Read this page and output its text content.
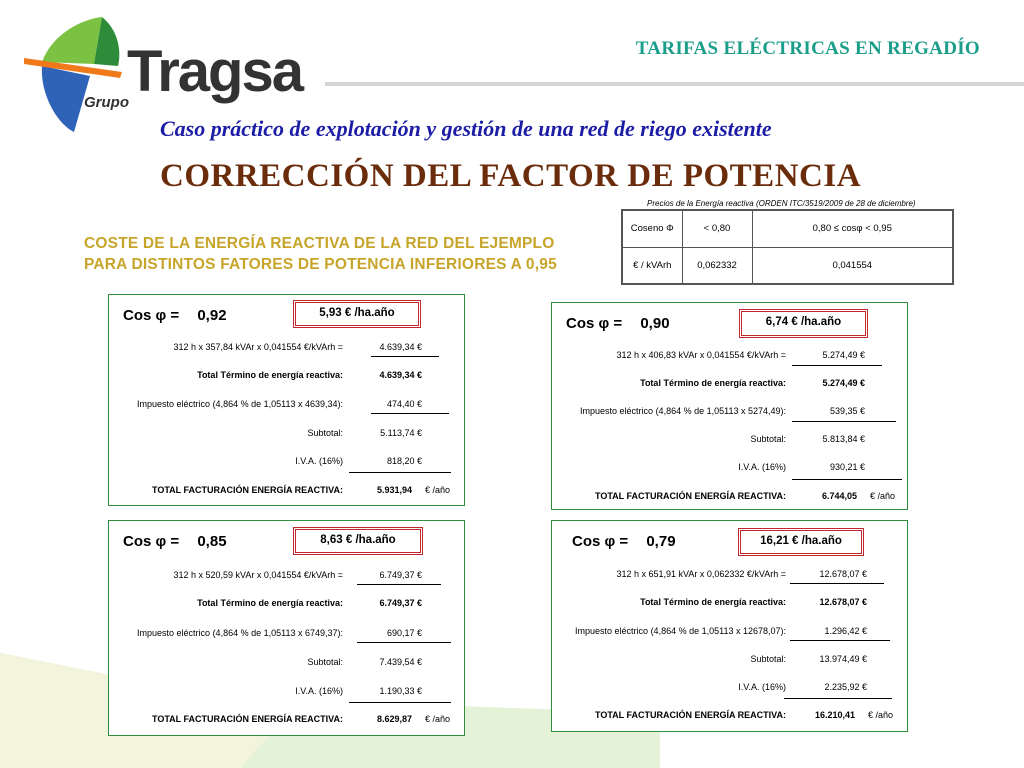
Tragsa
Grupo
TARIFAS ELÉCTRICAS EN REGADÍO
Caso práctico de explotación y gestión de una red de riego existente
CORRECCIÓN DEL FACTOR DE POTENCIA
COSTE DE LA ENERGÍA REACTIVA DE LA RED DEL EJEMPLO
PARA DISTINTOS FATORES DE POTENCIA INFERIORES A 0,95
Precios de la Energía reactiva (ORDEN ITC/3519/2009 de 28 de diciembre)
Coseno Φ	< 0,80	0,80 ≤ cosφ < 0,95
€ / kVArh	0,062332	0,041554
Cos φ = 0,92	5,93 € /ha.año
312 h x 357,84 kVAr x 0,041554 €/kVArh =	4.639,34 €
Total Término de energía reactiva:	4.639,34 €
Impuesto eléctrico (4,864 % de 1,05113 x 4639,34):	474,40 €
Subtotal:	5.113,74 €
I.V.A. (16%)	818,20 €
TOTAL FACTURACIÓN ENERGÍA REACTIVA:	5.931,94 € /año
Cos φ = 0,90	6,74 € /ha.año
312 h x 406,83 kVAr x 0,041554 €/kVArh =	5.274,49 €
Total Término de energía reactiva:	5.274,49 €
Impuesto eléctrico (4,864 % de 1,05113 x 5274,49):	539,35 €
Subtotal:	5.813,84 €
I.V.A. (16%)	930,21 €
TOTAL FACTURACIÓN ENERGÍA REACTIVA:	6.744,05 € /año
Cos φ = 0,85	8,63 € /ha.año
312 h x 520,59 kVAr x 0,041554 €/kVArh =	6.749,37 €
Total Término de energía reactiva:	6.749,37 €
Impuesto eléctrico (4,864 % de 1,05113 x 6749,37):	690,17 €
Subtotal:	7.439,54 €
I.V.A. (16%)	1.190,33 €
TOTAL FACTURACIÓN ENERGÍA REACTIVA:	8.629,87 € /año
Cos φ = 0,79	16,21 € /ha.año
312 h x 651,91 kVAr x 0,062332 €/kVArh =	12.678,07 €
Total Término de energía reactiva:	12.678,07 €
Impuesto eléctrico (4,864 % de 1,05113 x 12678,07):	1.296,42 €
Subtotal:	13.974,49 €
I.V.A. (16%)	2.235,92 €
TOTAL FACTURACIÓN ENERGÍA REACTIVA:	16.210,41 € /año
